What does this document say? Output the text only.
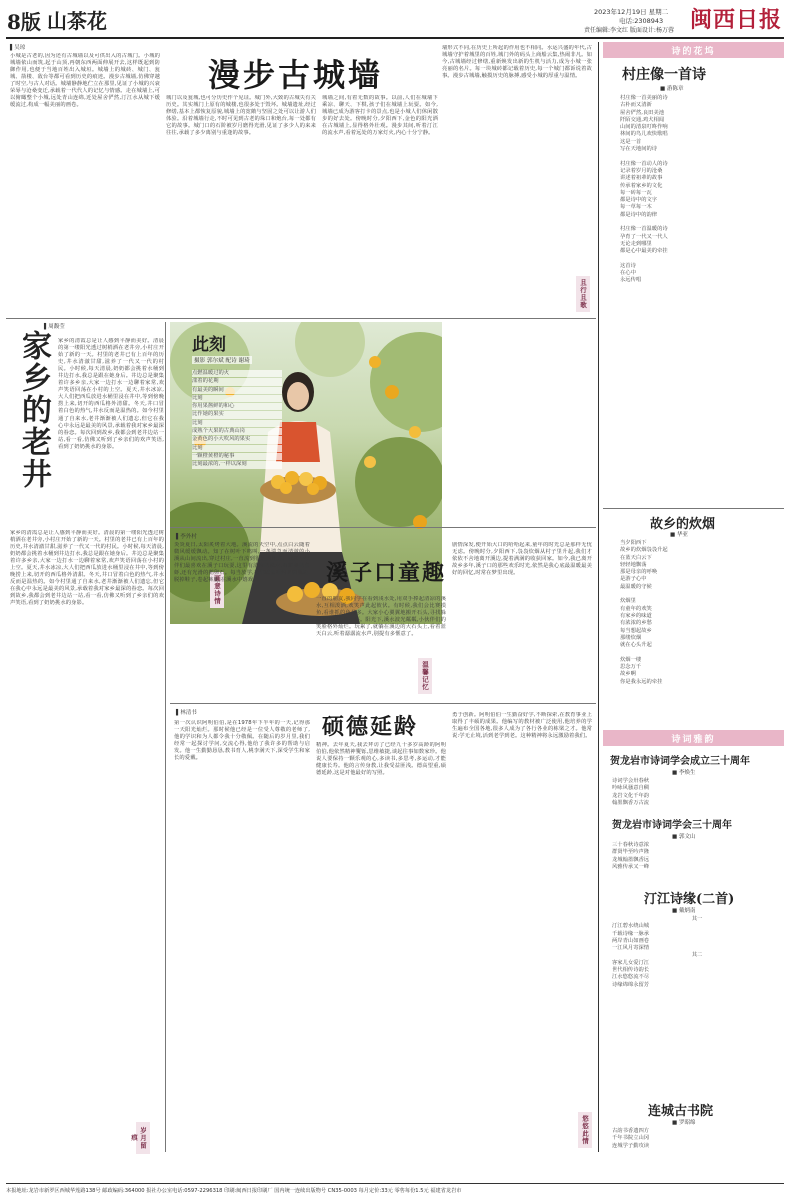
8版 山茶花	2023年12月19日 星期二
电话:2308943
责任编辑:李文红 版面设计:杨万蓉 闽西日报
▌吴琼
漫步古城墙
小城是古老的,因为还有古城墙以及可供出入的古城门。小城的城墙依山而筑,起于山顶,再朝东西两面伸展开去,这样既起到防御作用,也便于当地百姓出入城垣。城墙上的城砖、城门、瓮城、箭楼、敌台等都可看到历史的痕迹。漫步古城墙,仿佛穿越了时空,与古人对话。城墙静静地伫立在那里,见证了小城的兴衰荣辱与沧桑变迁,承载着一代代人的记忆与情感。走在城墙上,可以俯瞰整个小城,远处青山连绵,近处屋舍俨然,汀江水从城下缓缓流过,构成一幅美丽的画卷。
城门以及瓮城,也可分历史作个见证。城门外,大致的古城失有关历史。其实城门上原有的城楼,也很多处于毁坏。城墙遗址,经过修缮,基本上都恢复原貌,城墙上的宽敞与坚固之处可以让游人们体验。沿着城墙行走,不时可见到古老的垛口和炮台,每一处都有它的故事。城门口的石阶被岁月磨得光滑,见证了多少人的来来往往,承载了多少离别与重逢的故事。
城墙之间,有着无数的故事。以前,人们在城墙下乘凉、聊天、下棋,孩子们在城墙上玩耍。如今,城墙已成为游客打卡的景点,也是小城人们休闲散步的好去处。傍晚时分,夕阳西下,金色的阳光洒在古城墙上,显得格外壮观。漫步其间,听着汀江的流水声,看着远处的万家灯火,内心十分宁静。
墙形式不同,在历史上所起的作用也不相同。水运兴盛的年代,古城墙守护着城里的百姓,城门外的码头上商船云集,热闹非凡。如今,古城墙经过修缮,重新焕发出新的生机与活力,成为小城一张亮丽的名片。每一块城砖都记载着历史,每一个城门都诉说着故事。漫步古城墙,触摸历史的脉搏,感受小城的厚重与温情。
且行且歌
▌周馥莹
家乡的老井 家乡的清霞总是让人感到平静而美好。清晨的第一缕阳光透过树梢洒在老井旁,小村庄开始了新的一天。村里的老井已有上百年的历史,井水清澈甘甜,滋养了一代又一代的村民。小时候,每天清晨,奶奶都会挑着水桶到井边打水,我总是跟在她身后。井边总是聚集着许多乡亲,大家一边打水一边聊着家常,欢声笑语回荡在小村的上空。夏天,井水冰凉,大人们把西瓜放进水桶里浸在井中,等到傍晚捞上来,切开的西瓜格外清甜。冬天,井口冒着白色的热气,井水反而是温热的。如今村里通了自来水,老井渐渐被人们遗忘,但它在我心中永远是最美的风景,承载着我对家乡最深的眷恋。每次回到故乡,我都会到老井边站一站,看一看,仿佛又听到了乡亲们的欢声笑语,看到了奶奶挑水的身影。
家乡的清霞总是让人感到平静而美好。清晨的第一缕阳光透过树梢洒在老井旁,小村庄开始了新的一天。村里的老井已有上百年的历史,井水清澈甘甜,滋养了一代又一代的村民。小时候,每天清晨,奶奶都会挑着水桶到井边打水,我总是跟在她身后。井边总是聚集着许多乡亲,大家一边打水一边聊着家常,欢声笑语回荡在小村的上空。夏天,井水冰凉,大人们把西瓜放进水桶里浸在井中,等到傍晚捞上来,切开的西瓜格外清甜。冬天,井口冒着白色的热气,井水反而是温热的。如今村里通了自来水,老井渐渐被人们遗忘,但它在我心中永远是最美的风景,承载着我对家乡最深的眷恋。每次回到故乡,我都会到老井边站一站,看一看,仿佛又听到了乡亲们的欢声笑语,看到了奶奶挑水的身影。
岁月留痕
此刻
摄影 郭尔斌 配诗 谢琦
点燃温暖过的火
漾着的花期
有最美的瞬间
比刻
你用果酱鲜的和心
比作她的果实
比刻
成熟个大果的古典山岗
金黄色的小大吹风的果实
比刻
一颗橙黄橙的秘事
比刻最浓的,一样以深刻
画意诗情
▌李外村
炎炎夏日,太阳炙烤着大地。溪流的天空中,点点白云随着微风缓缓飘动。知了在树叶下鸣叫,一条湍急而清澈的小溪从山间流出,穿过村庄,一直流到很远的地方。我和小伙伴们最喜欢在溪子口玩耍,这里有清凉的溪水,有鲜美的鱼虾,还有光滑的鹅卵石。每当放学,我们就会相约来到溪边,脱掉鞋子,卷起裤腿,在溪水中嬉戏。	溪子口童趣
一直的朋友,我同学在看到浅水处,用双手捧起清凉的溪水,互相泼洒,欢笑声此起彼伏。有时候,我们会比赛摸鱼,看谁抓的鱼最多。大家小心翼翼地搬开石头,寻找躲藏其中的小鱼小虾。阳光下,溪水波光粼粼,小伙伴们的笑脸格外灿烂。玩累了,就躺在溪边的大石头上,看着蓝天白云,听着潺潺流水声,别提有多惬意了。
剧情深发,便开始大口的哈哈起来,童年的时光总是那样无忧无虑。傍晚时分,夕阳西下,袅袅炊烟从村子里升起,我们才依依不舍地离开溪边,提着满满的收获回家。如今,我已离开故乡多年,溪子口的那些欢乐时光,依然是我心底最温暖最美好的回忆,时常在梦里出现。
温馨记忆
▌林清书
第一次认识阿明伯伯,是在1978年下半年的一天,记得那一天阳光灿烂。那时候他已经是一位受人尊敬的老师了,他的学识和为人都令我十分敬佩。在随后的岁月里,我们经常一起探讨学问,交流心得,他给了我许多的帮助与启发。他一生勤勤恳恳,教书育人,桃李满天下,深受学生和家长的爱戴。
硕德延龄
精神。去年夏天,我去拜访了已经九十多岁高龄的阿明伯伯,他依然精神矍铄,思维敏捷,谈起往事如数家珍。他说人要保持一颗乐观的心,多读书,多思考,多运动,才能健康长寿。他的言传身教,让我受益匪浅。德高望重,硕德延龄,这是对他最好的写照。
勇于创新。阿明伯伯一生勤奋好学,不断探索,在教育事业上取得了丰硕的成果。他编写的教材被广泛使用,他培养的学生遍布全国各地,很多人成为了各行各业的栋梁之才。他常说:学无止境,活到老学到老。这种精神将永远激励着我们。
悠悠此情
诗的花坞
村庄像一首诗
■ 游陈章
村庄像一首美丽的诗
古朴而又清新
屋舍俨然,良田美池
阡陌交通,鸡犬相闻
山间的清泉叮咚作响
林间的鸟儿欢快歌唱
这是一首
写在天地间的诗

村庄像一首动人的诗
记录着岁月的沧桑
讲述着祖辈的故事
传承着家乡的文化
每一砖每一瓦
都是诗中的文字
每一草每一木
都是诗中的韵律

村庄像一首温暖的诗
孕育了一代又一代人
无论走到哪里
都是心中最美的牵挂

这首诗
在心中
永远传唱
故乡的炊烟
■ 华亚
当夕阳西下
故乡的炊烟袅袅升起
在蓝天白云下
轻轻地飘荡
那是母亲的呼唤
是游子心中
最温暖的守候

炊烟里
有童年的欢笑
有家乡的味道
有浓浓的乡愁
每当想起故乡
那缕炊烟
就在心头升起

炊烟一缕
思念万千
故乡啊
你是我永远的牵挂
诗词雅韵
贺龙岩市诗词学会成立三十周年
■ 李焕生
诗词学会卅春秋
吟咏风骚意自稠
龙岩文化千年韵
翰墨飘香万古流
贺龙岩市诗词学会三十周年
■ 郭文山
三十春秋诗意浓
群贤毕至吟声隆
龙城翰墨飘香远
风雅传承又一峰
汀江诗缘(二首)
■ 戴炳南
其一
汀江碧水绕山城
千载诗缘一脉承
两岸青山如画卷
一江风月寄深情
其二
客家儿女爱汀江
世代相传诗韵长
江水悠悠流不尽
诗缘绵绵永留芳
连城古书院
■ 罗昭绵
古韵书香遗四方
千年书院立山冈
连城学子勤攻读
本报地址:龙岩市新罗区西城华莲路138号 邮政编码:364000 报社办公室电话:0597-2296318 印刷:闽西日报印刷厂 国内统一连续出版物号 CN35-0003 每月定价:33元 零售每份1.5元 福建省龙岩市
